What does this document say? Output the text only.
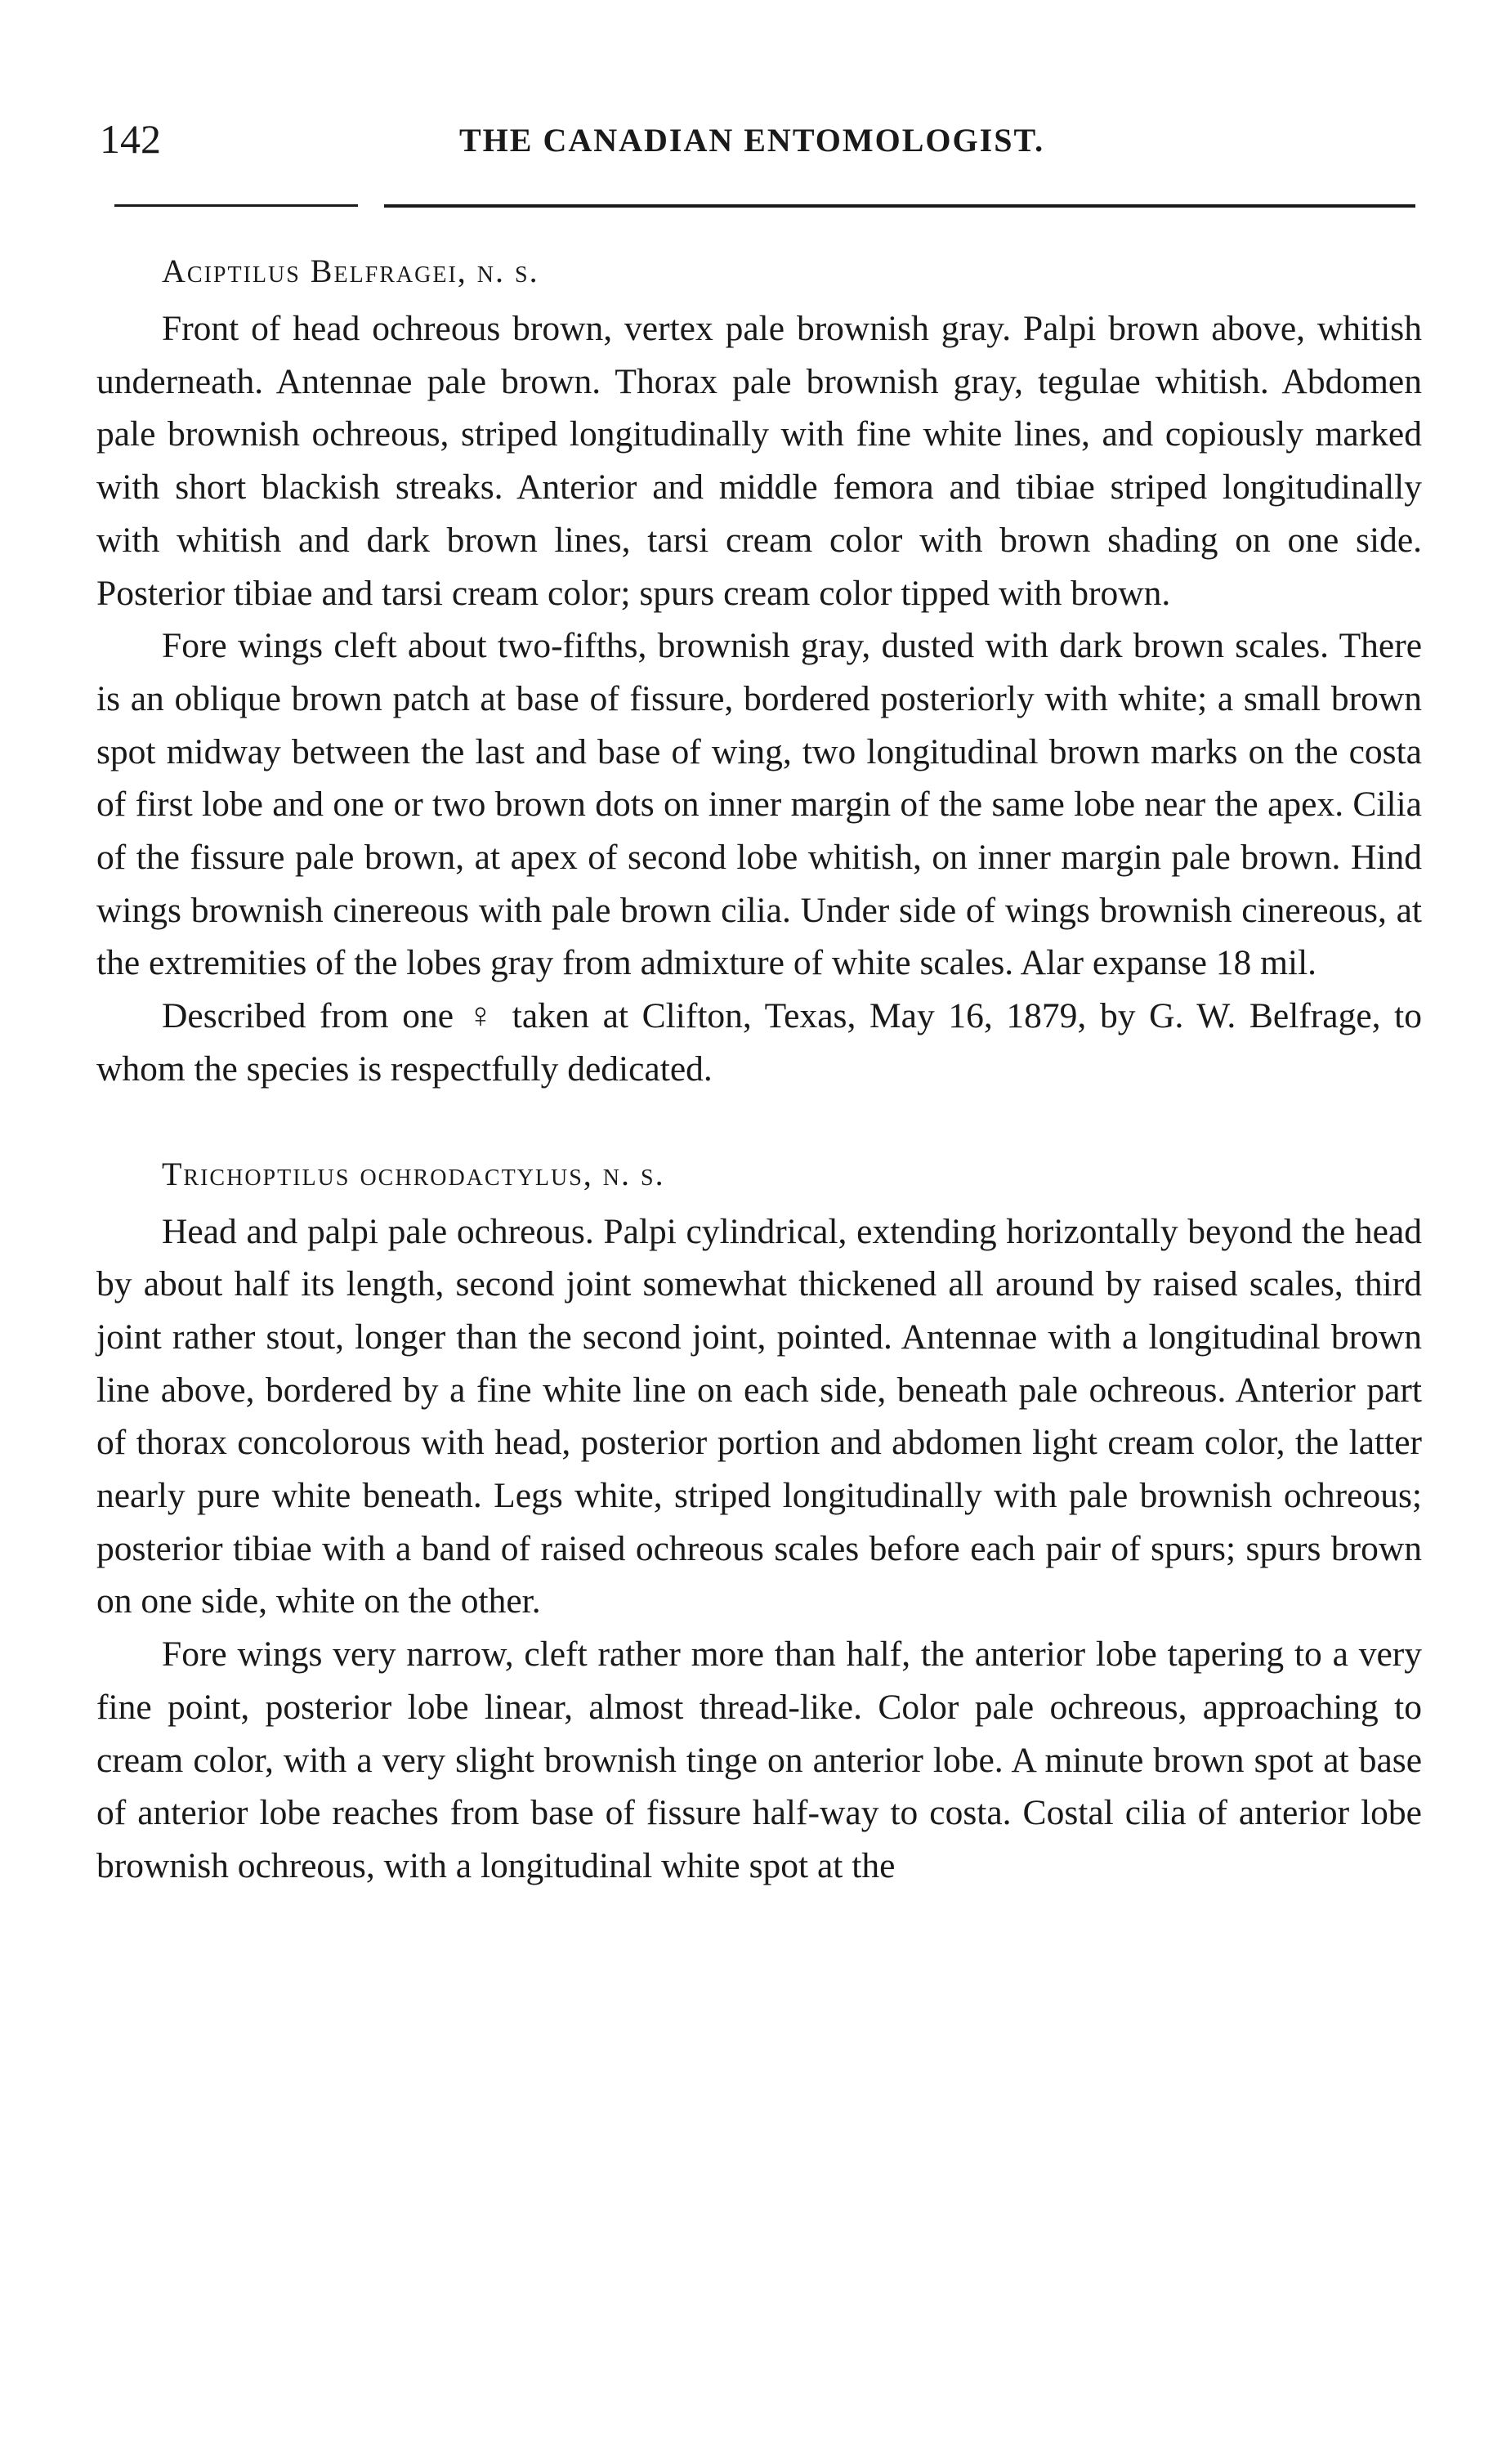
142	THE CANADIAN ENTOMOLOGIST.
Aciptilus Belfragei, n. s.

Front of head ochreous brown, vertex pale brownish gray. Palpi brown above, whitish underneath. Antennae pale brown. Thorax pale brownish gray, tegulae whitish. Abdomen pale brownish ochreous, striped longitudinally with fine white lines, and copiously marked with short blackish streaks. Anterior and middle femora and tibiae striped longitudinally with whitish and dark brown lines, tarsi cream color with brown shading on one side. Posterior tibiae and tarsi cream color; spurs cream color tipped with brown.

Fore wings cleft about two-fifths, brownish gray, dusted with dark brown scales. There is an oblique brown patch at base of fissure, bordered posteriorly with white; a small brown spot midway between the last and base of wing, two longitudinal brown marks on the costa of first lobe and one or two brown dots on inner margin of the same lobe near the apex. Cilia of the fissure pale brown, at apex of second lobe whitish, on inner margin pale brown. Hind wings brownish cinereous with pale brown cilia. Under side of wings brownish cinereous, at the extremities of the lobes gray from admixture of white scales. Alar expanse 18 mil.

Described from one ♀ taken at Clifton, Texas, May 16, 1879, by G. W. Belfrage, to whom the species is respectfully dedicated.

Trichoptilus ochrodactylus, n. s.

Head and palpi pale ochreous. Palpi cylindrical, extending horizontally beyond the head by about half its length, second joint somewhat thickened all around by raised scales, third joint rather stout, longer than the second joint, pointed. Antennae with a longitudinal brown line above, bordered by a fine white line on each side, beneath pale ochreous. Anterior part of thorax concolorous with head, posterior portion and abdomen light cream color, the latter nearly pure white beneath. Legs white, striped longitudinally with pale brownish ochreous; posterior tibiae with a band of raised ochreous scales before each pair of spurs; spurs brown on one side, white on the other.

Fore wings very narrow, cleft rather more than half, the anterior lobe tapering to a very fine point, posterior lobe linear, almost thread-like. Color pale ochreous, approaching to cream color, with a very slight brownish tinge on anterior lobe. A minute brown spot at base of anterior lobe reaches from base of fissure half-way to costa. Costal cilia of anterior lobe brownish ochreous, with a longitudinal white spot at the
